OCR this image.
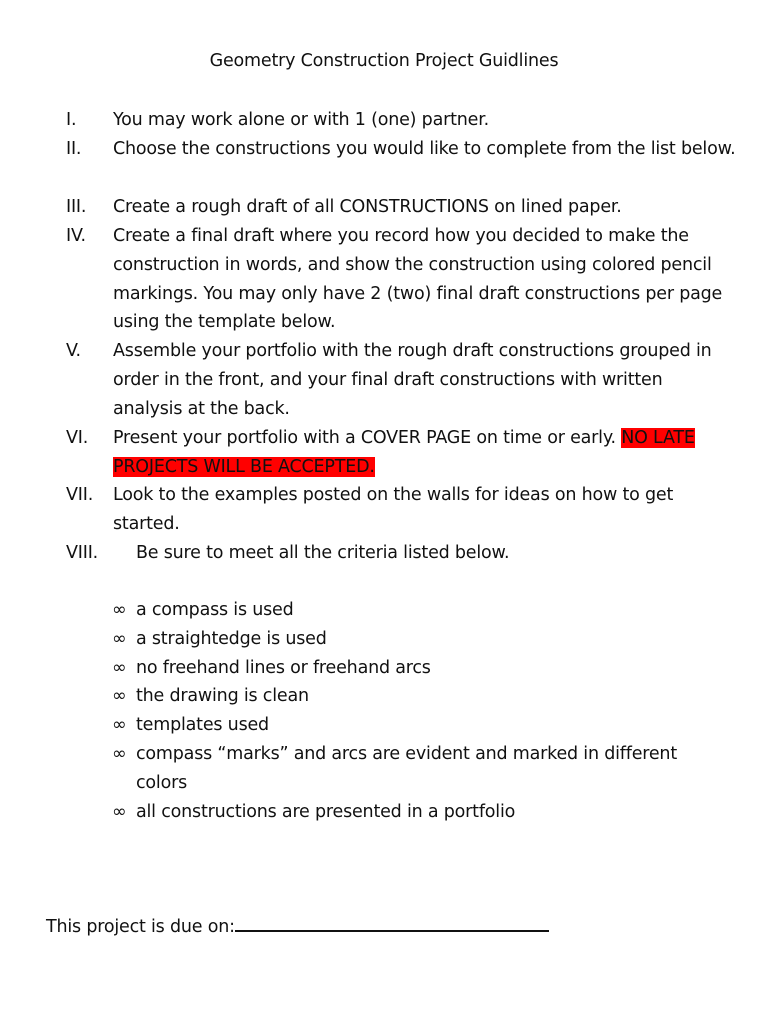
Geometry Construction Project Guidlines
I. You may work alone or with 1 (one) partner.
II. Choose the constructions you would like to complete from the list below.
III. Create a rough draft of all CONSTRUCTIONS on lined paper.
IV. Create a final draft where you record how you decided to make the construction in words, and show the construction using colored pencil markings. You may only have 2 (two) final draft constructions per page using the template below.
V. Assemble your portfolio with the rough draft constructions grouped in order in the front, and your final draft constructions with written analysis at the back.
VI. Present your portfolio with a COVER PAGE on time or early. NO LATE PROJECTS WILL BE ACCEPTED.
VII. Look to the examples posted on the walls for ideas on how to get started.
VIII. Be sure to meet all the criteria listed below.
∞ a compass is used
∞ a straightedge is used
∞ no freehand lines or freehand arcs
∞ the drawing is clean
∞ templates used
∞ compass “marks” and arcs are evident and marked in different colors
∞ all constructions are presented in a portfolio
This project is due on:
